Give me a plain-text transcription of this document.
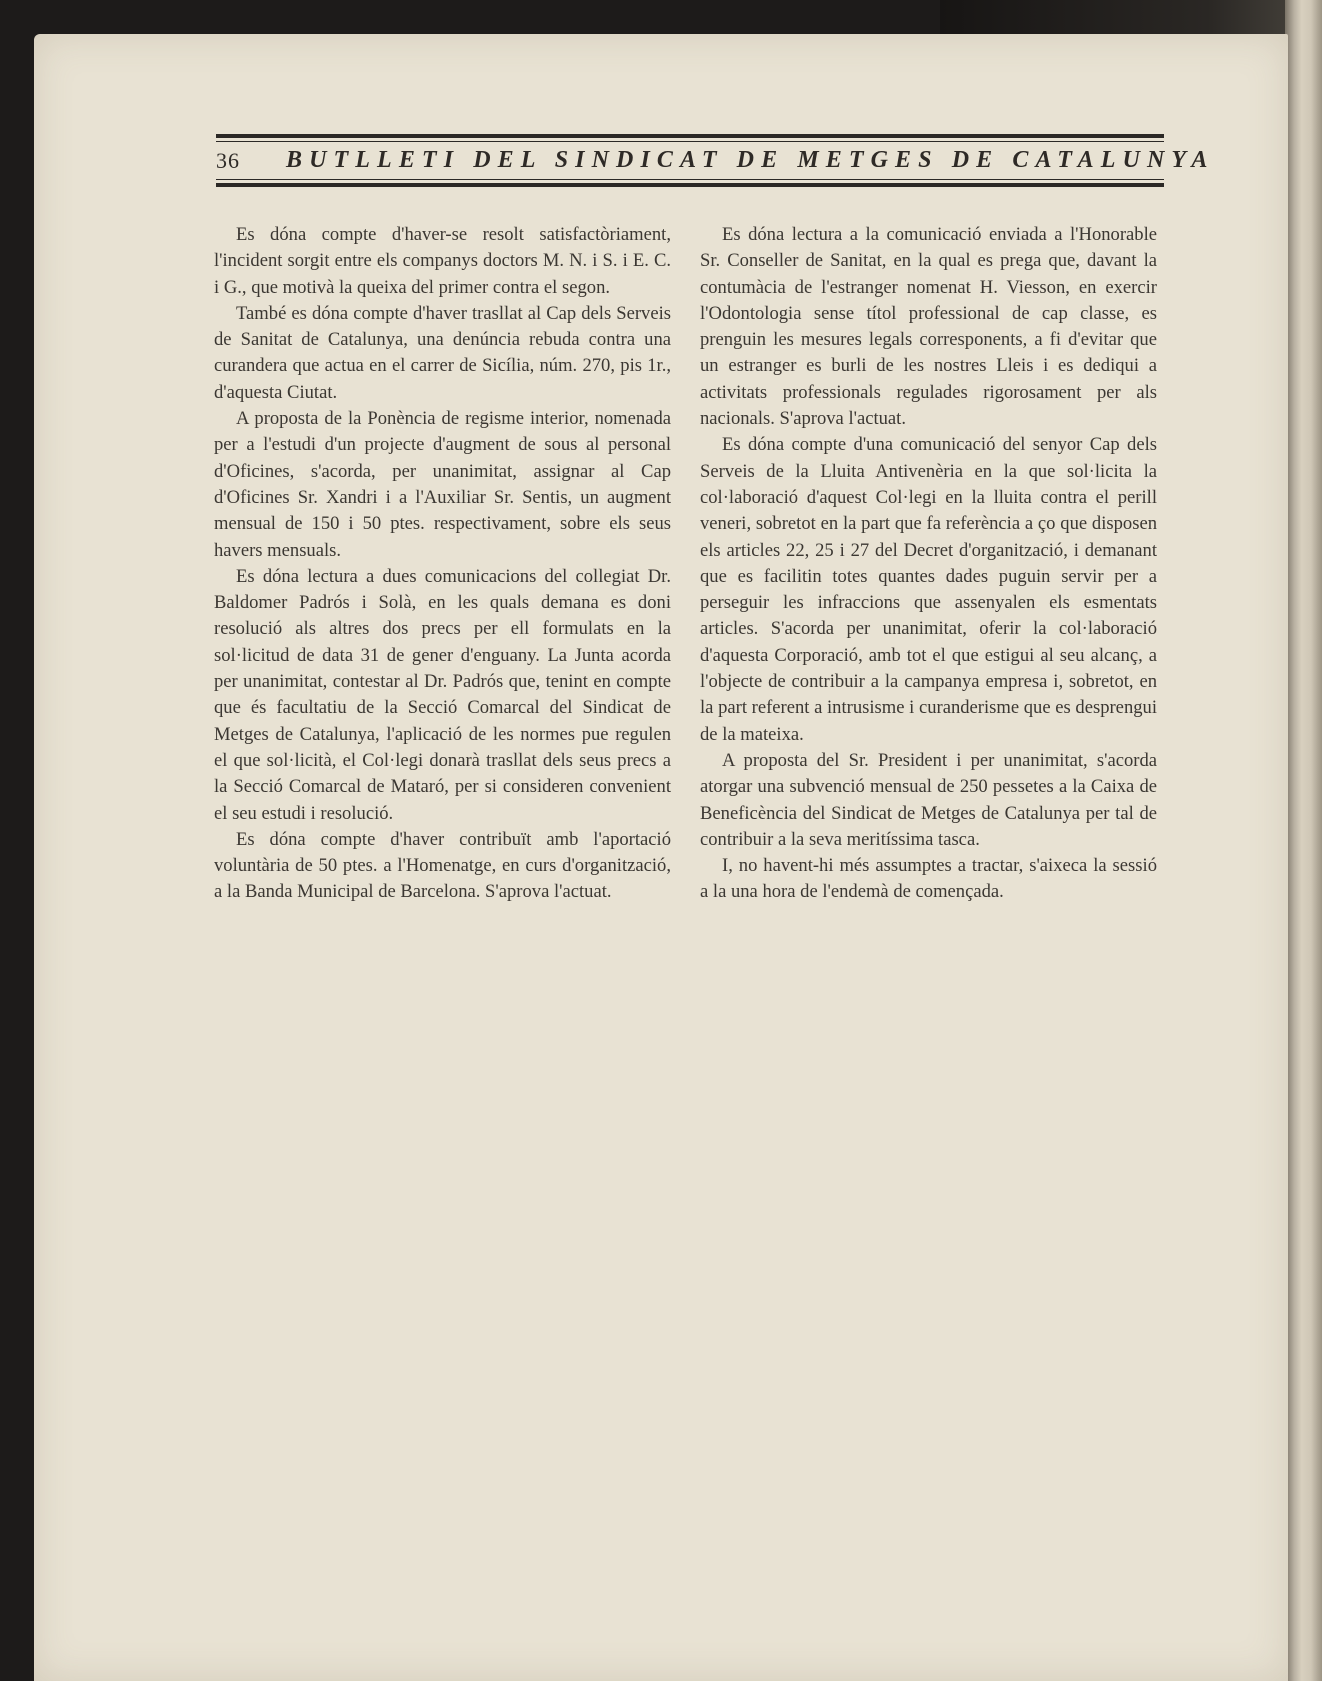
36 BUTLLETI DEL SINDICAT DE METGES DE CATALUNYA

Es dóna compte d'haver-se resolt satisfactòriament, l'incident sorgit entre els companys doctors M. N. i S. i E. C. i G., que motivà la queixa del primer contra el segon.

També es dóna compte d'haver trasllat al Cap dels Serveis de Sanitat de Catalunya, una denúncia rebuda contra una curandera que actua en el carrer de Sicília, núm. 270, pis 1r., d'aquesta Ciutat.

A proposta de la Ponència de regisme interior, nomenada per a l'estudi d'un projecte d'augment de sous al personal d'Oficines, s'acorda, per unanimitat, assignar al Cap d'Oficines Sr. Xandri i a l'Auxiliar Sr. Sentis, un augment mensual de 150 i 50 ptes. respectivament, sobre els seus havers mensuals.

Es dóna lectura a dues comunicacions del collegiat Dr. Baldomer Padrós i Solà, en les quals demana es doni resolució als altres dos precs per ell formulats en la sol·licitud de data 31 de gener d'enguany. La Junta acorda per unanimitat, contestar al Dr. Padrós que, tenint en compte que és facultatiu de la Secció Comarcal del Sindicat de Metges de Catalunya, l'aplicació de les normes pue regulen el que sol·licità, el Col·legi donarà trasllat dels seus precs a la Secció Comarcal de Mataró, per si consideren convenient el seu estudi i resolució.

Es dóna compte d'haver contribuït amb l'aportació voluntària de 50 ptes. a l'Homenatge, en curs d'organització, a la Banda Municipal de Barcelona. S'aprova l'actuat.

Es dóna lectura a la comunicació enviada a l'Honorable Sr. Conseller de Sanitat, en la qual es prega que, davant la contumàcia de l'estranger nomenat H. Viesson, en exercir l'Odontologia sense títol professional de cap classe, es prenguin les mesures legals corresponents, a fi d'evitar que un estranger es burli de les nostres Lleis i es dediqui a activitats professionals regulades rigorosament per als nacionals. S'aprova l'actuat.

Es dóna compte d'una comunicació del senyor Cap dels Serveis de la Lluita Antivenèria en la que sol·licita la col·laboració d'aquest Col·legi en la lluita contra el perill veneri, sobretot en la part que fa referència a ço que disposen els articles 22, 25 i 27 del Decret d'organització, i demanant que es facilitin totes quantes dades puguin servir per a perseguir les infraccions que assenyalen els esmentats articles. S'acorda per unanimitat, oferir la col·laboració d'aquesta Corporació, amb tot el que estigui al seu alcanç, a l'objecte de contribuir a la campanya empresa i, sobretot, en la part referent a intrusisme i curanderisme que es desprengui de la mateixa.

A proposta del Sr. President i per unanimitat, s'acorda atorgar una subvenció mensual de 250 pessetes a la Caixa de Beneficència del Sindicat de Metges de Catalunya per tal de contribuir a la seva meritíssima tasca.

I, no havent-hi més assumptes a tractar, s'aixeca la sessió a la una hora de l'endemà de començada.
